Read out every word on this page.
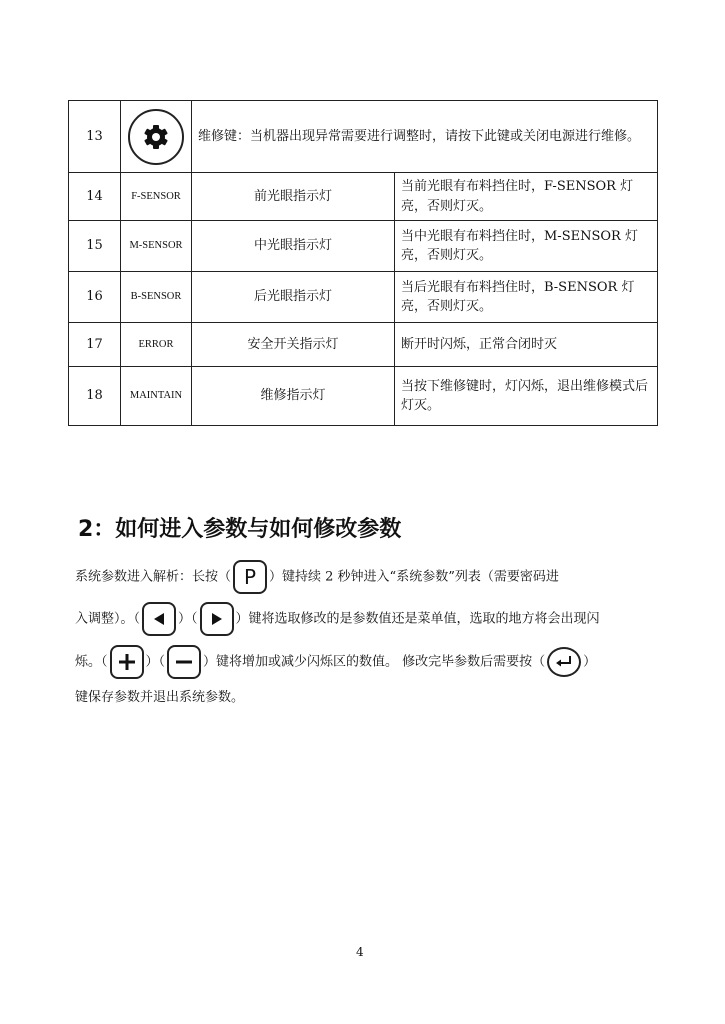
13		维修键：当机器出现异常需要进行调整时，请按下此键或关闭电源进行维修。	
14	F-SENSOR	前光眼指示灯	当前光眼有布料挡住时，F-SENSOR 灯亮，否则灯灭。
15	M-SENSOR	中光眼指示灯	当中光眼有布料挡住时，M-SENSOR 灯亮，否则灯灭。
16	B-SENSOR	后光眼指示灯	当后光眼有布料挡住时，B-SENSOR 灯亮，否则灯灭。
17	ERROR	安全开关指示灯	断开时闪烁，正常合闭时灭
18	MAINTAIN	维修指示灯	当按下维修键时，灯闪烁，退出维修模式后灯灭。
2：如何进入参数与如何修改参数
系统参数进入解析：长按（ P ）键持续 2 秒钟进入“系统参数”列表（需要密码进
入调整）。（	）（	）键将选取修改的是参数值还是菜单值，选取的地方将会出现闪
烁。（	）（	）键将增加或减少闪烁区的数值。 修改完毕参数后需要按（	）
键保存参数并退出系统参数。
4
